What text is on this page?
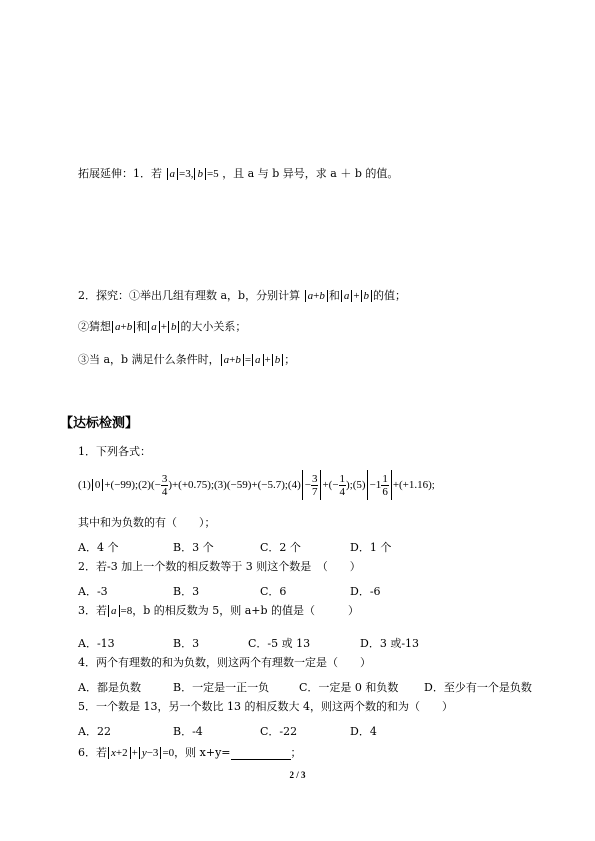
拓展延伸：1．若 a =3, b =5 ，且 a 与 b 异号，求 a ＋ b 的值。
2．探究：①举出几组有理数 a，b，分别计算 a+b 和 a + b 的值；
②猜想 a+b 和 a + b 的大小关系；
③当 a，b 满足什么条件时， a+b = a + b ；
【达标检测】
1．下列各式：
(1) 0 +(−99);(2)(− $\frac{3}{4}$ )+(+0.75);(3)(−59)+(−5.7);(4) − $\frac{3}{7}$ +(− $\frac{1}{4}$ );(5) $-1 \frac{1}{6} +(+1.16)$;
其中和为负数的有（　　）；
A．4 个	B．3 个	C．2 个	D．1 个
2．若-3 加上一个数的相反数等于 3 则这个数是　（　　）
A．-3	B．3	C．6	D．-6
3．若 a =8，b 的相反数为 5，则 a+b 的值是（　　　）
A．-13	B．3	C．-5 或 13	D．3 或-13
4．两个有理数的和为负数，则这两个有理数一定是（　　）
A．都是负数	B．一定是一正一负	C．一定是 0 和负数 D．至少有一个是负数
5．一个数是 13，另一个数比 13 的相反数大 4，则这两个数的和为（　　）
A．22	B．-4	C．-22	D．4
6．若 x+2 + y−3 =0，则 x+y=	；
2 / 3
